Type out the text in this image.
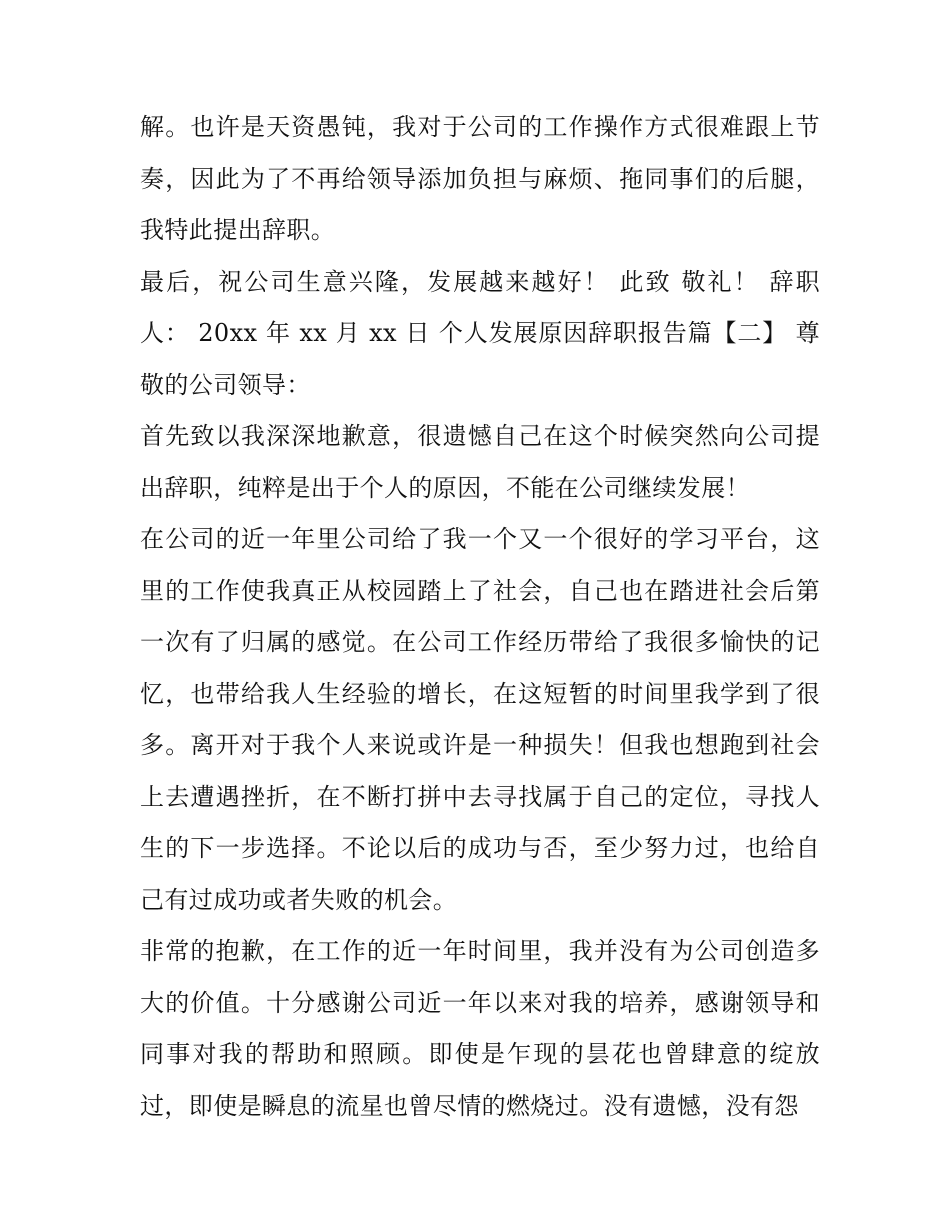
解。也许是天资愚钝，我对于公司的工作操作方式很难跟上节奏，因此为了不再给领导添加负担与麻烦、拖同事们的后腿，我特此提出辞职。

最后，祝公司生意兴隆，发展越来越好！ 此致 敬礼！ 辞职人： 20xx 年 xx 月 xx 日 个人发展原因辞职报告篇【二】 尊敬的公司领导：

首先致以我深深地歉意，很遗憾自己在这个时候突然向公司提出辞职，纯粹是出于个人的原因，不能在公司继续发展！

在公司的近一年里公司给了我一个又一个很好的学习平台，这里的工作使我真正从校园踏上了社会，自己也在踏进社会后第一次有了归属的感觉。在公司工作经历带给了我很多愉快的记忆，也带给我人生经验的增长，在这短暂的时间里我学到了很多。离开对于我个人来说或许是一种损失！但我也想跑到社会上去遭遇挫折，在不断打拼中去寻找属于自己的定位，寻找人生的下一步选择。不论以后的成功与否，至少努力过，也给自己有过成功或者失败的机会。

非常的抱歉，在工作的近一年时间里，我并没有为公司创造多大的价值。十分感谢公司近一年以来对我的培养，感谢领导和同事对我的帮助和照顾。即使是乍现的昙花也曾肆意的绽放过，即使是瞬息的流星也曾尽情的燃烧过。没有遗憾，没有怨
